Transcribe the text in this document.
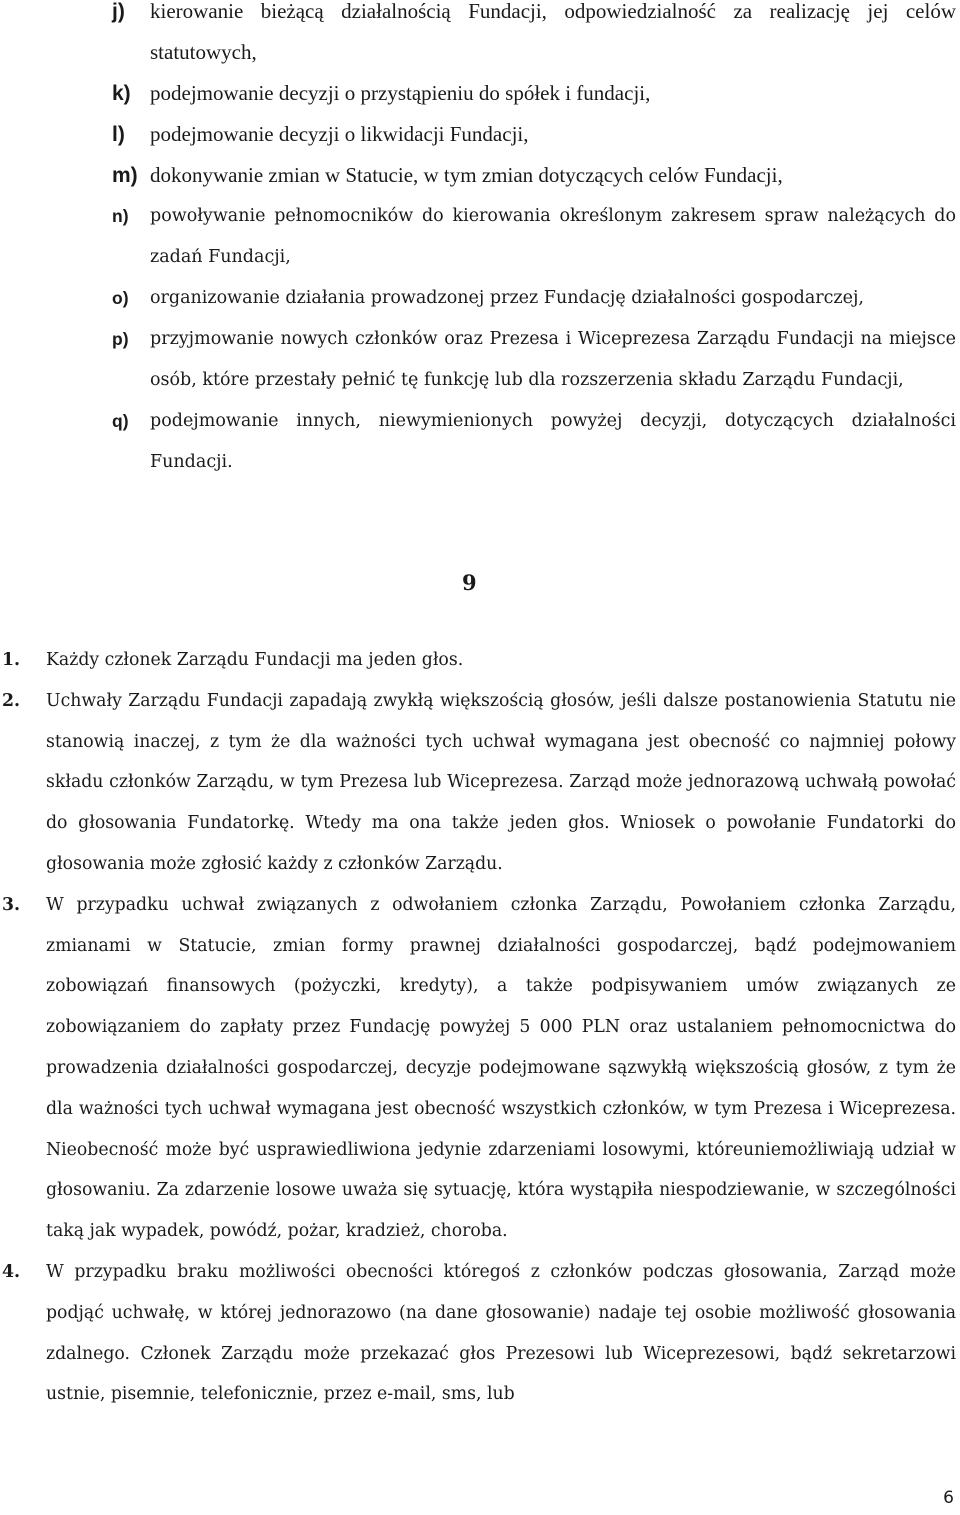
j) kierowanie bieżącą działalnością Fundacji, odpowiedzialność za realizację jej celów statutowych,
k) podejmowanie decyzji o przystąpieniu do spółek i fundacji,
l) podejmowanie decyzji o likwidacji Fundacji,
m) dokonywanie zmian w Statucie, w tym zmian dotyczących celów Fundacji,
n) powoływanie pełnomocników do kierowania określonym zakresem spraw należących do zadań Fundacji,
o) organizowanie działania prowadzonej przez Fundację działalności gospodarczej,
p) przyjmowanie nowych członków oraz Prezesa i Wiceprezesa Zarządu Fundacji na miejsce osób, które przestały pełnić tę funkcję lub dla rozszerzenia składu Zarządu Fundacji,
q) podejmowanie innych, niewymienionych powyżej decyzji, dotyczących działalności Fundacji.
9
1. Każdy członek Zarządu Fundacji ma jeden głos.
2. Uchwały Zarządu Fundacji zapadają zwykłą większością głosów, jeśli dalsze postanowienia Statutu nie stanowią inaczej, z tym że dla ważności tych uchwał wymagana jest obecność co najmniej połowy składu członków Zarządu, w tym Prezesa lub Wiceprezesa. Zarząd może jednorazową uchwałą powołać do głosowania Fundatorkę. Wtedy ma ona także jeden głos. Wniosek o powołanie Fundatorki do głosowania może zgłosić każdy z członków Zarządu.
3. W przypadku uchwał związanych z odwołaniem członka Zarządu, Powołaniem członka Zarządu, zmianami w Statucie, zmian formy prawnej działalności gospodarczej, bądź podejmowaniem zobowiązań finansowych (pożyczki, kredyty), a także podpisywaniem umów związanych ze zobowiązaniem do zapłaty przez Fundację powyżej 5 000 PLN oraz ustalaniem pełnomocnictwa do prowadzenia działalności gospodarczej, decyzje podejmowane sązwykłą większością głosów, z tym że dla ważności tych uchwał wymagana jest obecność wszystkich członków, w tym Prezesa i Wiceprezesa. Nieobecność może być usprawiedliwiona jedynie zdarzeniami losowymi, któreuniemożliwiają udział w głosowaniu. Za zdarzenie losowe uważa się sytuację, która wystąpiła niespodziewanie, w szczególności taką jak wypadek, powódź, pożar, kradzież, choroba.
4. W przypadku braku możliwości obecności któregoś z członków podczas głosowania, Zarząd może podjąć uchwałę, w której jednorazowo (na dane głosowanie) nadaje tej osobie możliwość głosowania zdalnego. Członek Zarządu może przekazać głos Prezesowi lub Wiceprezesowi, bądź sekretarzowi ustnie, pisemnie, telefonicznie, przez e-mail, sms, lub
6
